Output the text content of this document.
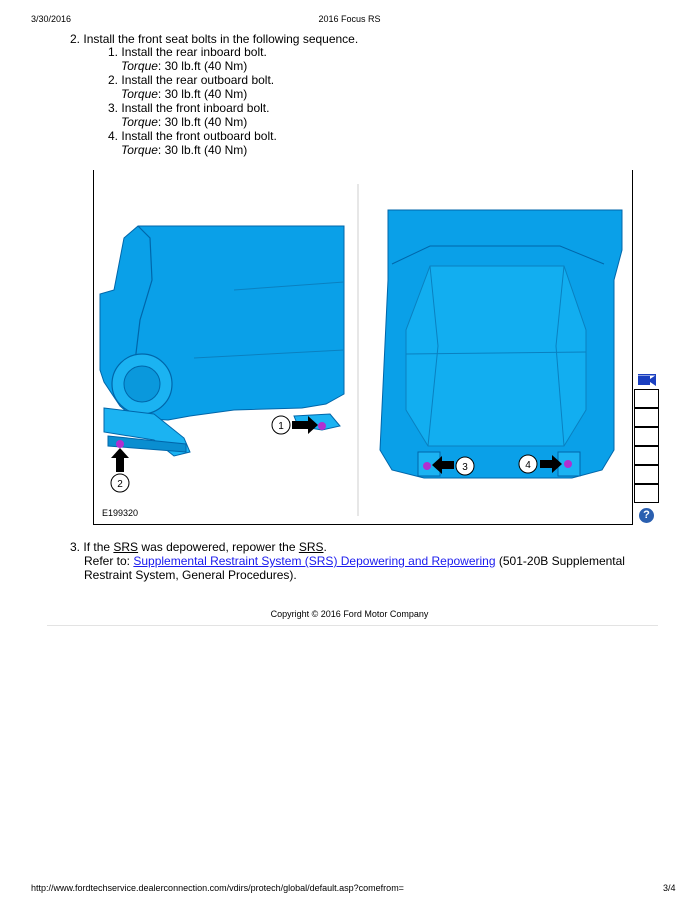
3/30/2016	2016 Focus RS
2. Install the front seat bolts in the following sequence.
1. Install the rear inboard bolt.
Torque: 30 lb.ft (40 Nm)
2. Install the rear outboard bolt.
Torque: 30 lb.ft (40 Nm)
3. Install the front inboard bolt.
Torque: 30 lb.ft (40 Nm)
4. Install the front outboard bolt.
Torque: 30 lb.ft (40 Nm)
1
2
3	4
E199320	?
3. If the SRS was depowered, repower the SRS.
Refer to: Supplemental Restraint System (SRS) Depowering and Repowering (501-20B Supplemental
Restraint System, General Procedures).
Copyright © 2016 Ford Motor Company
http://www.fordtechservice.dealerconnection.com/vdirs/protech/global/default.asp?comefrom=	3/4
